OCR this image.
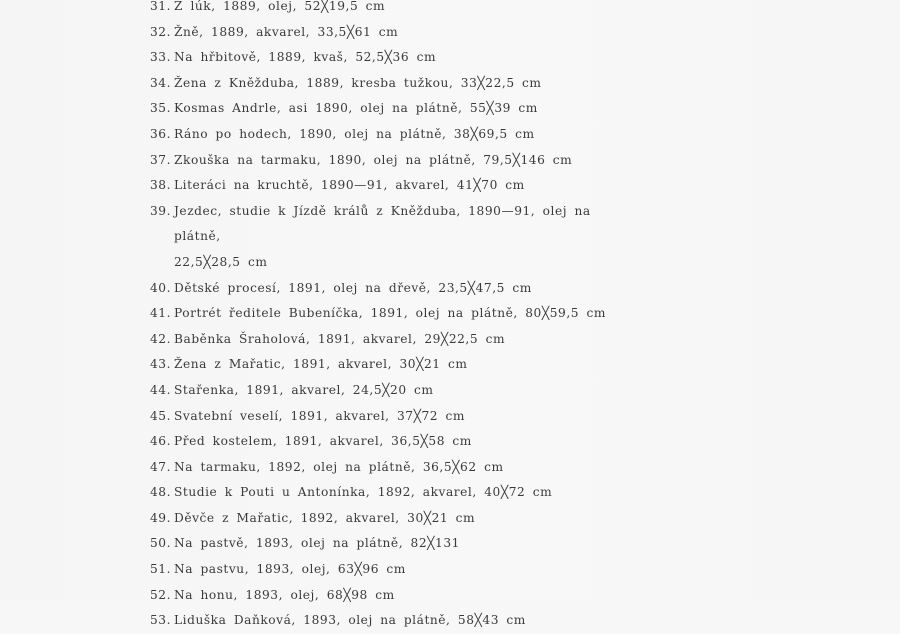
31. Z lúk, 1889, olej, 52╳19,5 cm
32. Žně, 1889, akvarel, 33,5╳61 cm
33. Na hřbitově, 1889, kvaš, 52,5╳36 cm
34. Žena z Kněžduba, 1889, kresba tužkou, 33╳22,5 cm
35. Kosmas Andrle, asi 1890, olej na plátně, 55╳39 cm
36. Ráno po hodech, 1890, olej na plátně, 38╳69,5 cm
37. Zkouška na tarmaku, 1890, olej na plátně, 79,5╳146 cm
38. Literáci na kruchtě, 1890—91, akvarel, 41╳70 cm
39. Jezdec, studie k Jízdě králů z Kněžduba, 1890—91, olej na plátně,
22,5╳28,5 cm
40. Dětské procesí, 1891, olej na dřevě, 23,5╳47,5 cm
41. Portrét ředitele Bubeníčka, 1891, olej na plátně, 80╳59,5 cm
42. Baběnka Šraholová, 1891, akvarel, 29╳22,5 cm
43. Žena z Mařatic, 1891, akvarel, 30╳21 cm
44. Stařenka, 1891, akvarel, 24,5╳20 cm
45. Svatební veselí, 1891, akvarel, 37╳72 cm
46. Před kostelem, 1891, akvarel, 36,5╳58 cm
47. Na tarmaku, 1892, olej na plátně, 36,5╳62 cm
48. Studie k Pouti u Antonínka, 1892, akvarel, 40╳72 cm
49. Děvče z Mařatic, 1892, akvarel, 30╳21 cm
50. Na pastvě, 1893, olej na plátně, 82╳131
51. Na pastvu, 1893, olej, 63╳96 cm
52. Na honu, 1893, olej, 68╳98 cm
53. Liduška Daňková, 1893, olej na plátně, 58╳43 cm
